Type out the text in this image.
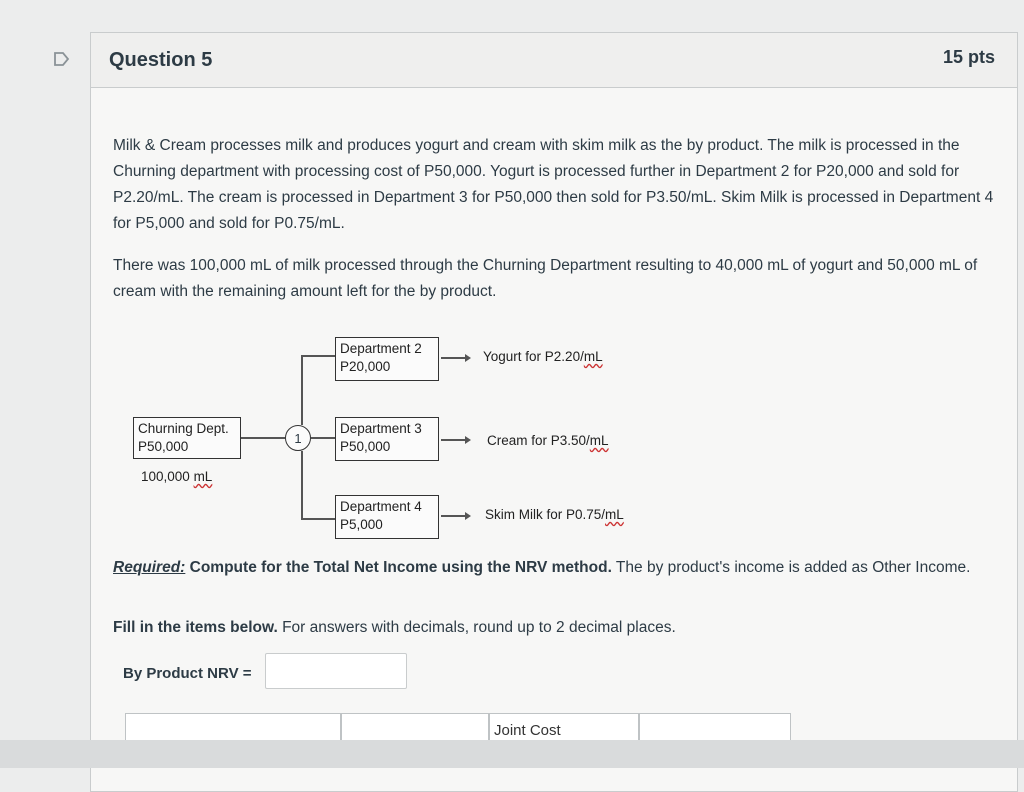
Question 5	15 pts
Milk & Cream processes milk and produces yogurt and cream with skim milk as the by product. The milk is processed in the Churning department with processing cost of P50,000. Yogurt is processed further in Department 2 for P20,000 and sold for P2.20/mL. The cream is processed in Department 3 for P50,000 then sold for P3.50/mL. Skim Milk is processed in Department 4 for P5,000 and sold for P0.75/mL.
There was 100,000 mL of milk processed through the Churning Department resulting to 40,000 mL of yogurt and 50,000 mL of cream with the remaining amount left for the by product.
Churning Dept.
P50,000
100,000 mL
1
Department 2
P20,000
Department 3
P50,000
Department 4
P5,000
Yogurt for P2.20/mL
Cream for P3.50/mL
Skim Milk for P0.75/mL
Required: Compute for the Total Net Income using the NRV method. The by product's income is added as Other Income.
Fill in the items below. For answers with decimals, round up to 2 decimal places.
By Product NRV =
Joint Cost
